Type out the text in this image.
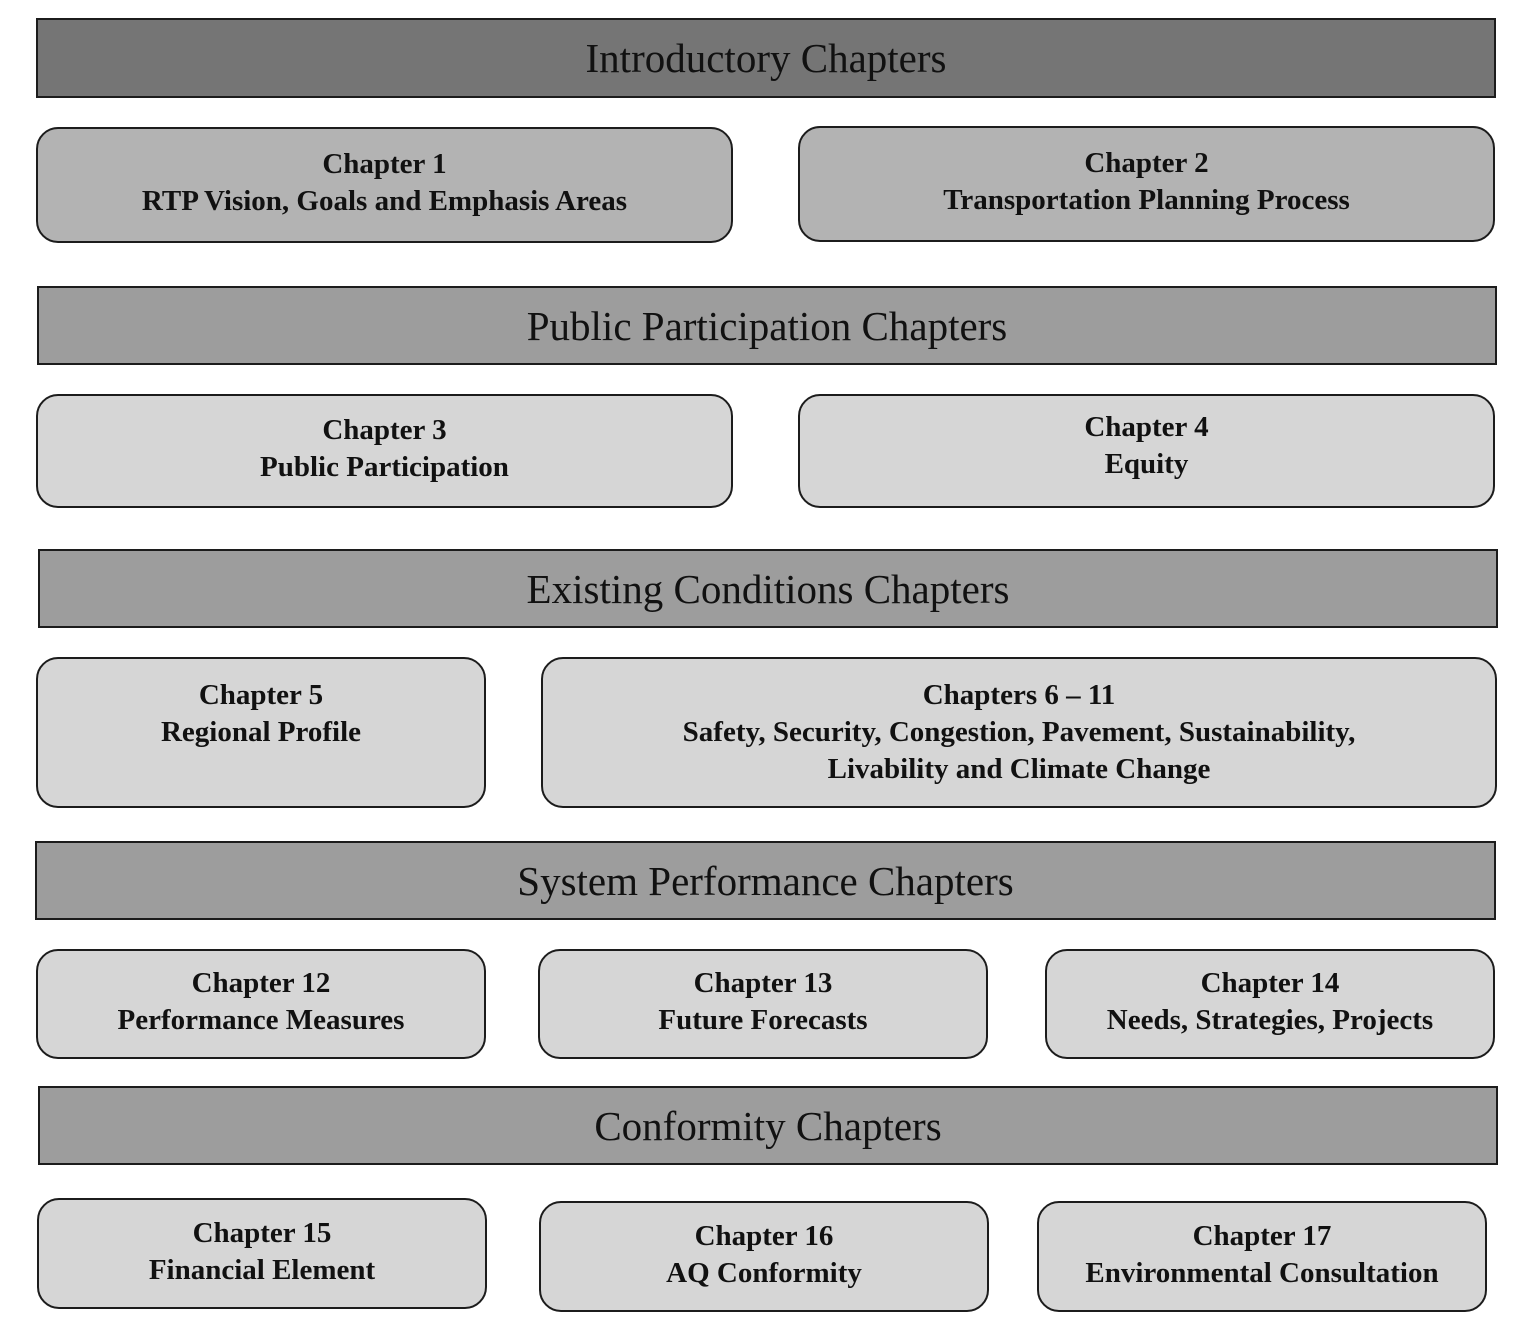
Introductory Chapters
Chapter 1
RTP Vision, Goals and Emphasis Areas
Chapter 2
Transportation Planning Process
Public Participation Chapters
Chapter 3
Public Participation
Chapter 4
Equity
Existing Conditions Chapters
Chapter 5
Regional Profile
Chapters 6 – 11
Safety, Security, Congestion, Pavement, Sustainability,
Livability and Climate Change
System Performance Chapters
Chapter 12
Performance Measures
Chapter 13
Future Forecasts
Chapter 14
Needs, Strategies, Projects
Conformity Chapters
Chapter 15
Financial Element
Chapter 16
AQ Conformity
Chapter 17
Environmental Consultation
